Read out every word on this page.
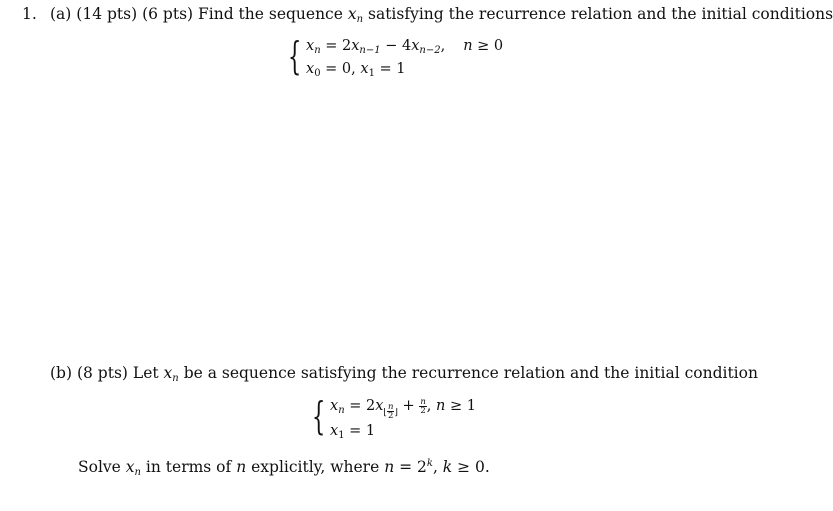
1. (a) (14 pts) (6 pts) Find the sequence $x_n$ satisfying the recurrence relation and the initial conditions
{ $x_n = 2x_{n-1} - 4x_{n-2}$, n ≥ 0
$x_0 = 0$, $x_1 = 1$
(b) (8 pts) Let $x_n$ be a sequence satisfying the recurrence relation and the initial condition
{ $x_n = 2x_{⌊ \frac{n}{2} ⌋} + \frac{n}{2}$ , n ≥ 1
$x_1 = 1$
Solve $x_n$ in terms of n explicitly, where $n = 2^k$, k ≥ 0.
